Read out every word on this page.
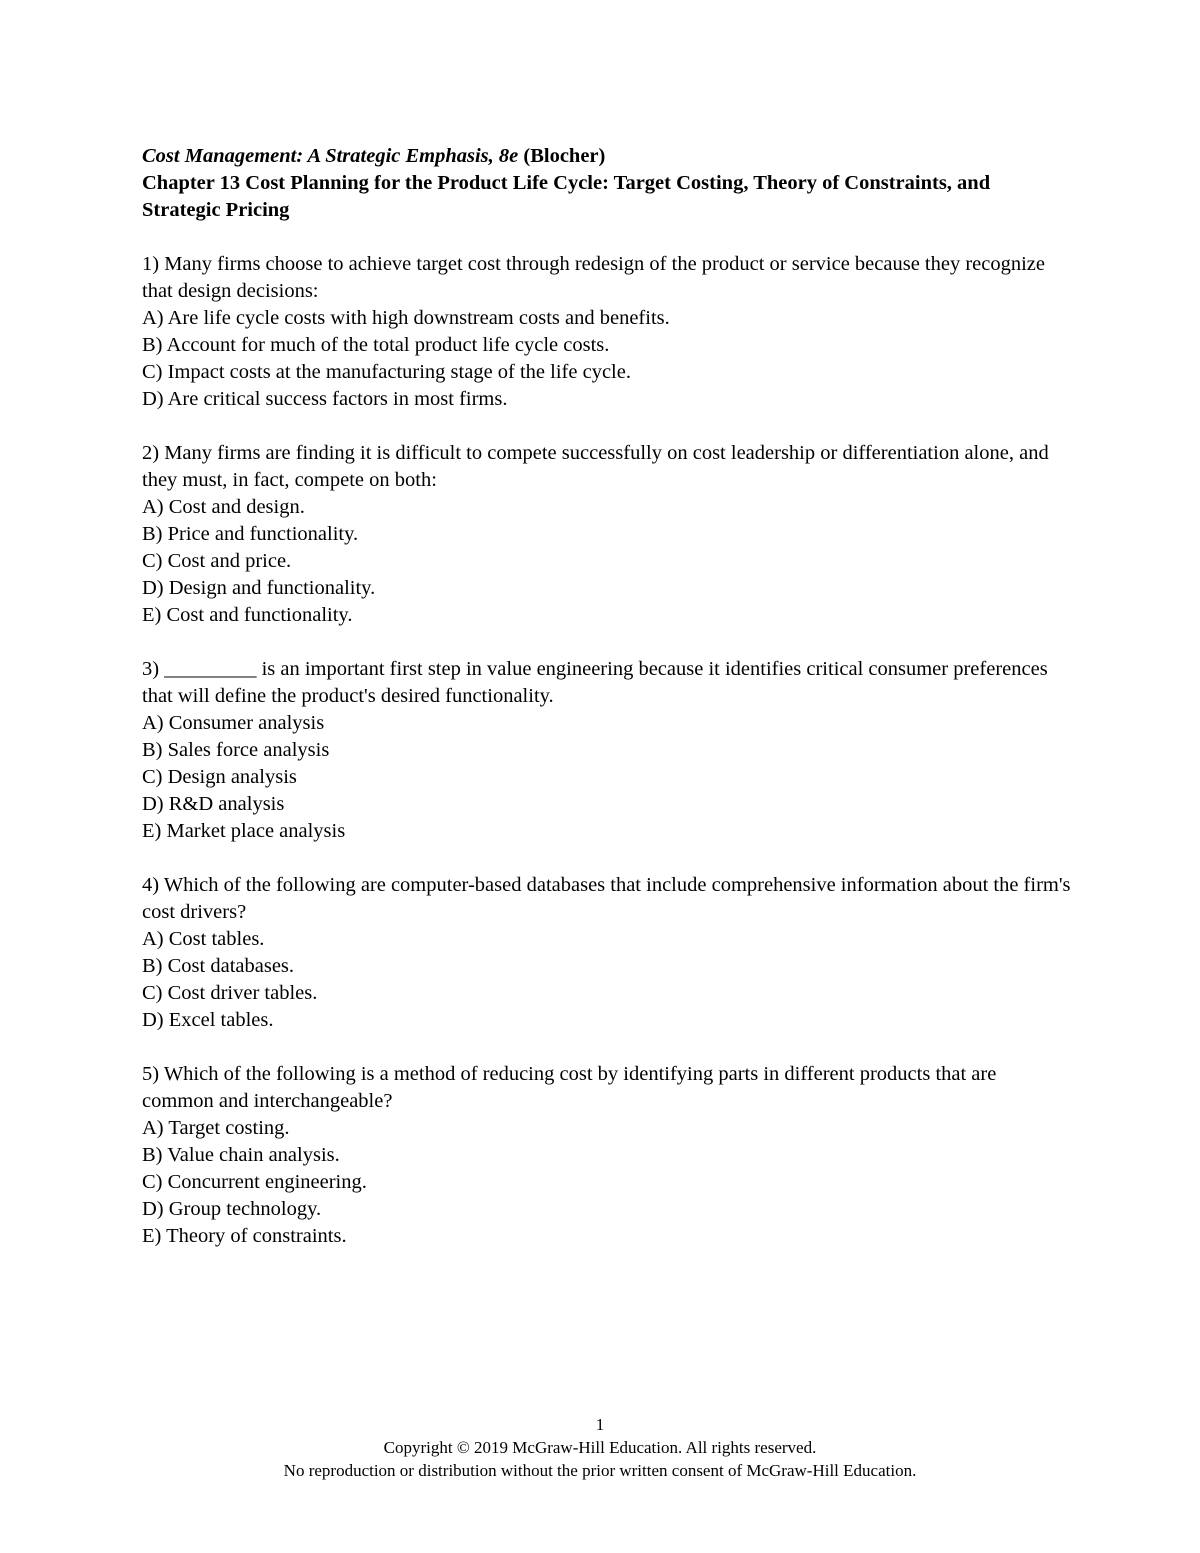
Cost Management: A Strategic Emphasis, 8e (Blocher)
Chapter 13 Cost Planning for the Product Life Cycle: Target Costing, Theory of Constraints, and Strategic Pricing
1) Many firms choose to achieve target cost through redesign of the product or service because they recognize that design decisions:
A) Are life cycle costs with high downstream costs and benefits.
B) Account for much of the total product life cycle costs.
C) Impact costs at the manufacturing stage of the life cycle.
D) Are critical success factors in most firms.
2) Many firms are finding it is difficult to compete successfully on cost leadership or differentiation alone, and they must, in fact, compete on both:
A) Cost and design.
B) Price and functionality.
C) Cost and price.
D) Design and functionality.
E) Cost and functionality.
3) _________ is an important first step in value engineering because it identifies critical consumer preferences that will define the product's desired functionality.
A) Consumer analysis
B) Sales force analysis
C) Design analysis
D) R&D analysis
E) Market place analysis
4) Which of the following are computer-based databases that include comprehensive information about the firm's cost drivers?
A) Cost tables.
B) Cost databases.
C) Cost driver tables.
D) Excel tables.
5) Which of the following is a method of reducing cost by identifying parts in different products that are common and interchangeable?
A) Target costing.
B) Value chain analysis.
C) Concurrent engineering.
D) Group technology.
E) Theory of constraints.
1
Copyright © 2019 McGraw-Hill Education. All rights reserved.
No reproduction or distribution without the prior written consent of McGraw-Hill Education.
